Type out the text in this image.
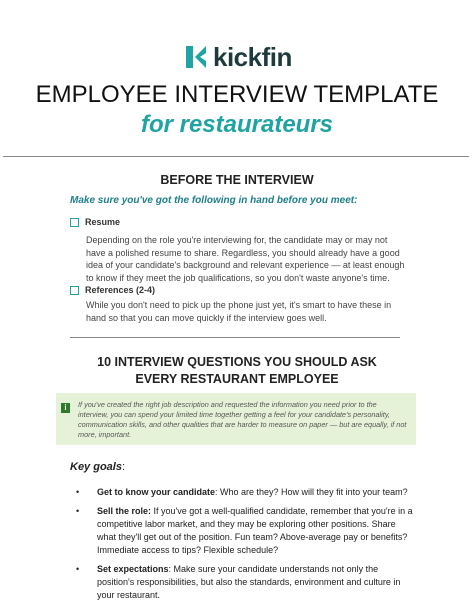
kickfin
EMPLOYEE INTERVIEW TEMPLATE
for restaurateurs
BEFORE THE INTERVIEW
Make sure you've got the following in hand before you meet:
Resume
Depending on the role you're interviewing for, the candidate may or may not have a polished resume to share. Regardless, you should already have a good idea of your candidate's background and relevant experience — at least enough to know if they meet the job qualifications, so you don't waste anyone's time.
References (2-4)
While you don't need to pick up the phone just yet, it's smart to have these in hand so that you can move quickly if the interview goes well.
10 INTERVIEW QUESTIONS YOU SHOULD ASK
EVERY RESTAURANT EMPLOYEE
i	If you've created the right job description and requested the information you need prior to the interview, you can spend your limited time together getting a feel for your candidate's personality, communication skills, and other qualities that are harder to measure on paper — but are equally, if not more, important.
Key goals:
• Get to know your candidate: Who are they? How will they fit into your team?
• Sell the role: If you've got a well-qualified candidate, remember that you're in a competitive labor market, and they may be exploring other positions. Share what they'll get out of the position. Fun team? Above-average pay or benefits? Immediate access to tips? Flexible schedule?
• Set expectations: Make sure your candidate understands not only the position's responsibilities, but also the standards, environment and culture in your restaurant.
